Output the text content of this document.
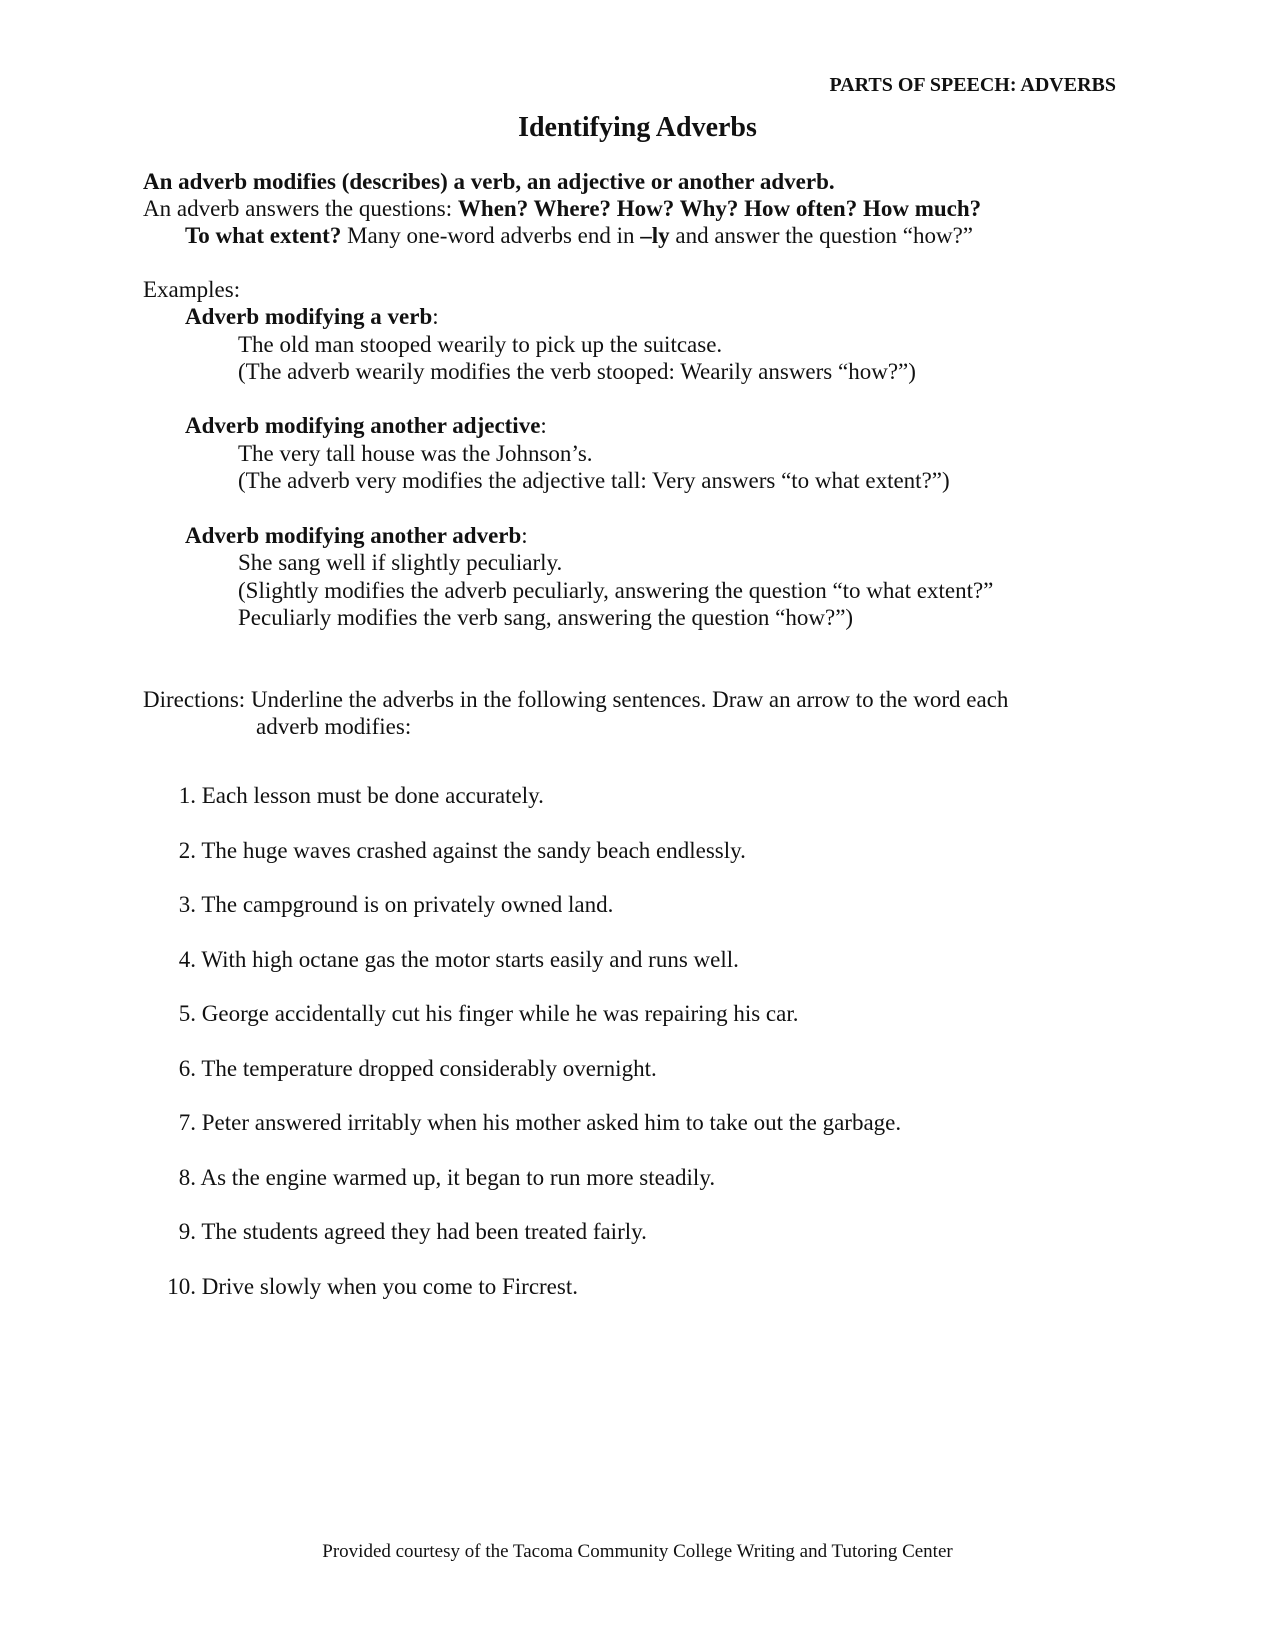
PARTS OF SPEECH: ADVERBS
Identifying Adverbs
An adverb modifies (describes) a verb, an adjective or another adverb.
An adverb answers the questions: When? Where? How? Why? How often? How much?
To what extent? Many one-word adverbs end in –ly and answer the question “how?”
Examples:
Adverb modifying a verb:
The old man stooped wearily to pick up the suitcase.
(The adverb wearily modifies the verb stooped: Wearily answers “how?”)
Adverb modifying another adjective:
The very tall house was the Johnson’s.
(The adverb very modifies the adjective tall: Very answers “to what extent?”)
Adverb modifying another adverb:
She sang well if slightly peculiarly.
(Slightly modifies the adverb peculiarly, answering the question “to what extent?”
Peculiarly modifies the verb sang, answering the question “how?”)
Directions: Underline the adverbs in the following sentences. Draw an arrow to the word each
adverb modifies:
1. Each lesson must be done accurately.
2. The huge waves crashed against the sandy beach endlessly.
3. The campground is on privately owned land.
4. With high octane gas the motor starts easily and runs well.
5. George accidentally cut his finger while he was repairing his car.
6. The temperature dropped considerably overnight.
7. Peter answered irritably when his mother asked him to take out the garbage.
8. As the engine warmed up, it began to run more steadily.
9. The students agreed they had been treated fairly.
10. Drive slowly when you come to Fircrest.
Provided courtesy of the Tacoma Community College Writing and Tutoring Center
